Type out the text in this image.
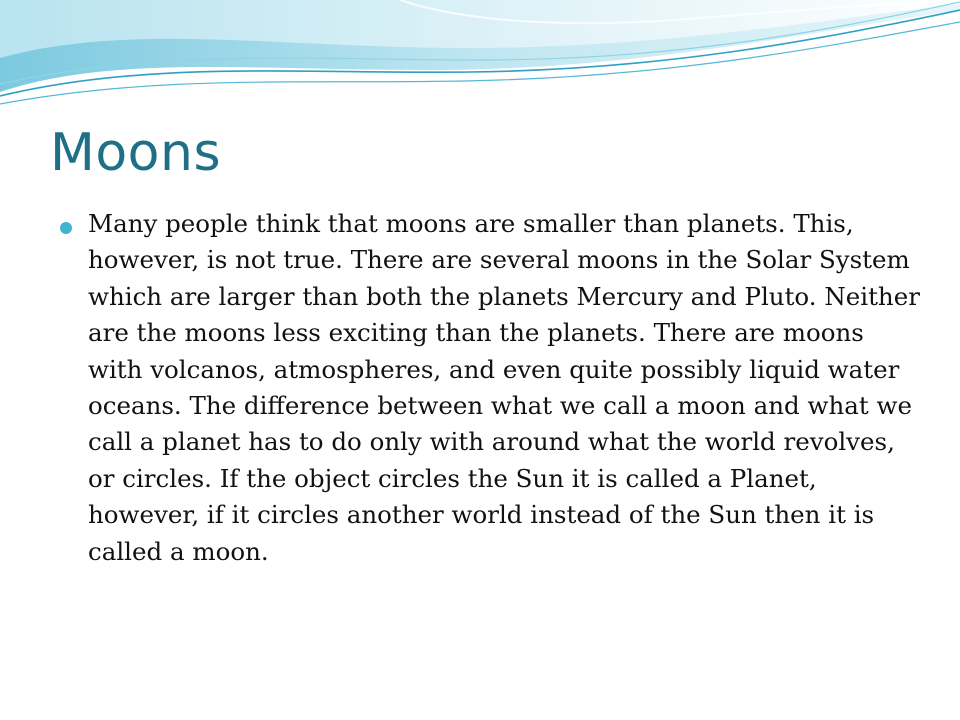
Moons

Many people think that moons are smaller than planets. This, however, is not true. There are several moons in the Solar System which are larger than both the planets Mercury and Pluto. Neither are the moons less exciting than the planets. There are moons with volcanos, atmospheres, and even quite possibly liquid water oceans. The difference between what we call a moon and what we call a planet has to do only with around what the world revolves, or circles. If the object circles the Sun it is called a Planet, however, if it circles another world instead of the Sun then it is called a moon.
